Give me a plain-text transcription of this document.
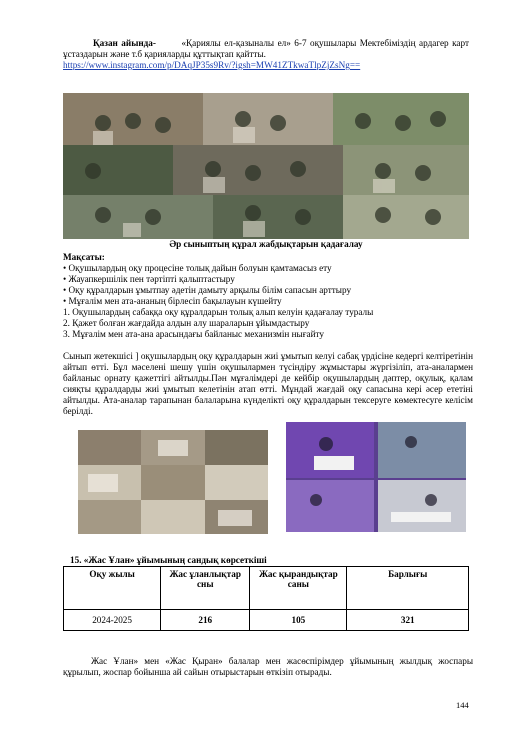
Қазан айында-	«Қариялы ел-қазыналы ел» 6-7 оқушылары Мектебіміздің ардагер карт ұстаздарын және т.б қарияларды құттықтап қайтты.
https://www.instagram.com/p/DAqJP35s9Rv/?igsh=MW41ZTkwaTlpZjZsNg==
Әр сыныптың құрал жабдықтарын қадағалау
Мақсаты:
• Оқушылардың оқу процесіне толық дайын болуын қамтамасыз ету
• Жауапкершілік пен тәртіпті қалыптастыру
• Оқу құралдарын ұмытпау әдетін дамыту арқылы білім сапасын арттыру
• Мұғалім мен ата-ананың бірлесіп бақылауын күшейту
1. Оқушылардың сабаққа оқу құралдарын толық алып келуін қадағалау туралы
2. Қажет болған жағдайда алдын алу шараларын ұйымдастыру
3. Мұғалім мен ата-ана арасындағы байланыс механизмін нығайту
Сынып жетекшісі ] оқушылардың оқу құралдарын жиі ұмытып келуі сабақ үрдісіне кедергі келтіретінін айтып өтті. Бұл мәселені шешу үшін оқушылармен түсіндіру жұмыстары жүргізіліп, ата-аналармен байланыс орнату қажеттігі айтылды.Пән мұғалімдері де кейбір оқушылардың дәптер, оқулық, қалам сияқты құралдарды жиі ұмытып келетінін атап өтті. Мұндай жағдай оқу сапасына кері әсер ететіні айтылды. Ата-аналар тарапынан балаларына күнделікті оқу құралдарын тексеруге көмектесуге келісім берілді.
15. «Жас Ұлан» ұйымының сандық көрсеткіші
Оқу жылы	Жас ұланлықтар сны	Жас қырандықтар саны	Барлығы
2024-2025	216	105	321
Жас Ұлан» мен «Жас Қыран» балалар мен жасөспірімдер ұйымының жылдық жоспары құрылып, жоспар бойынша ай сайын отырыстарын өткізіп отырады.
144
